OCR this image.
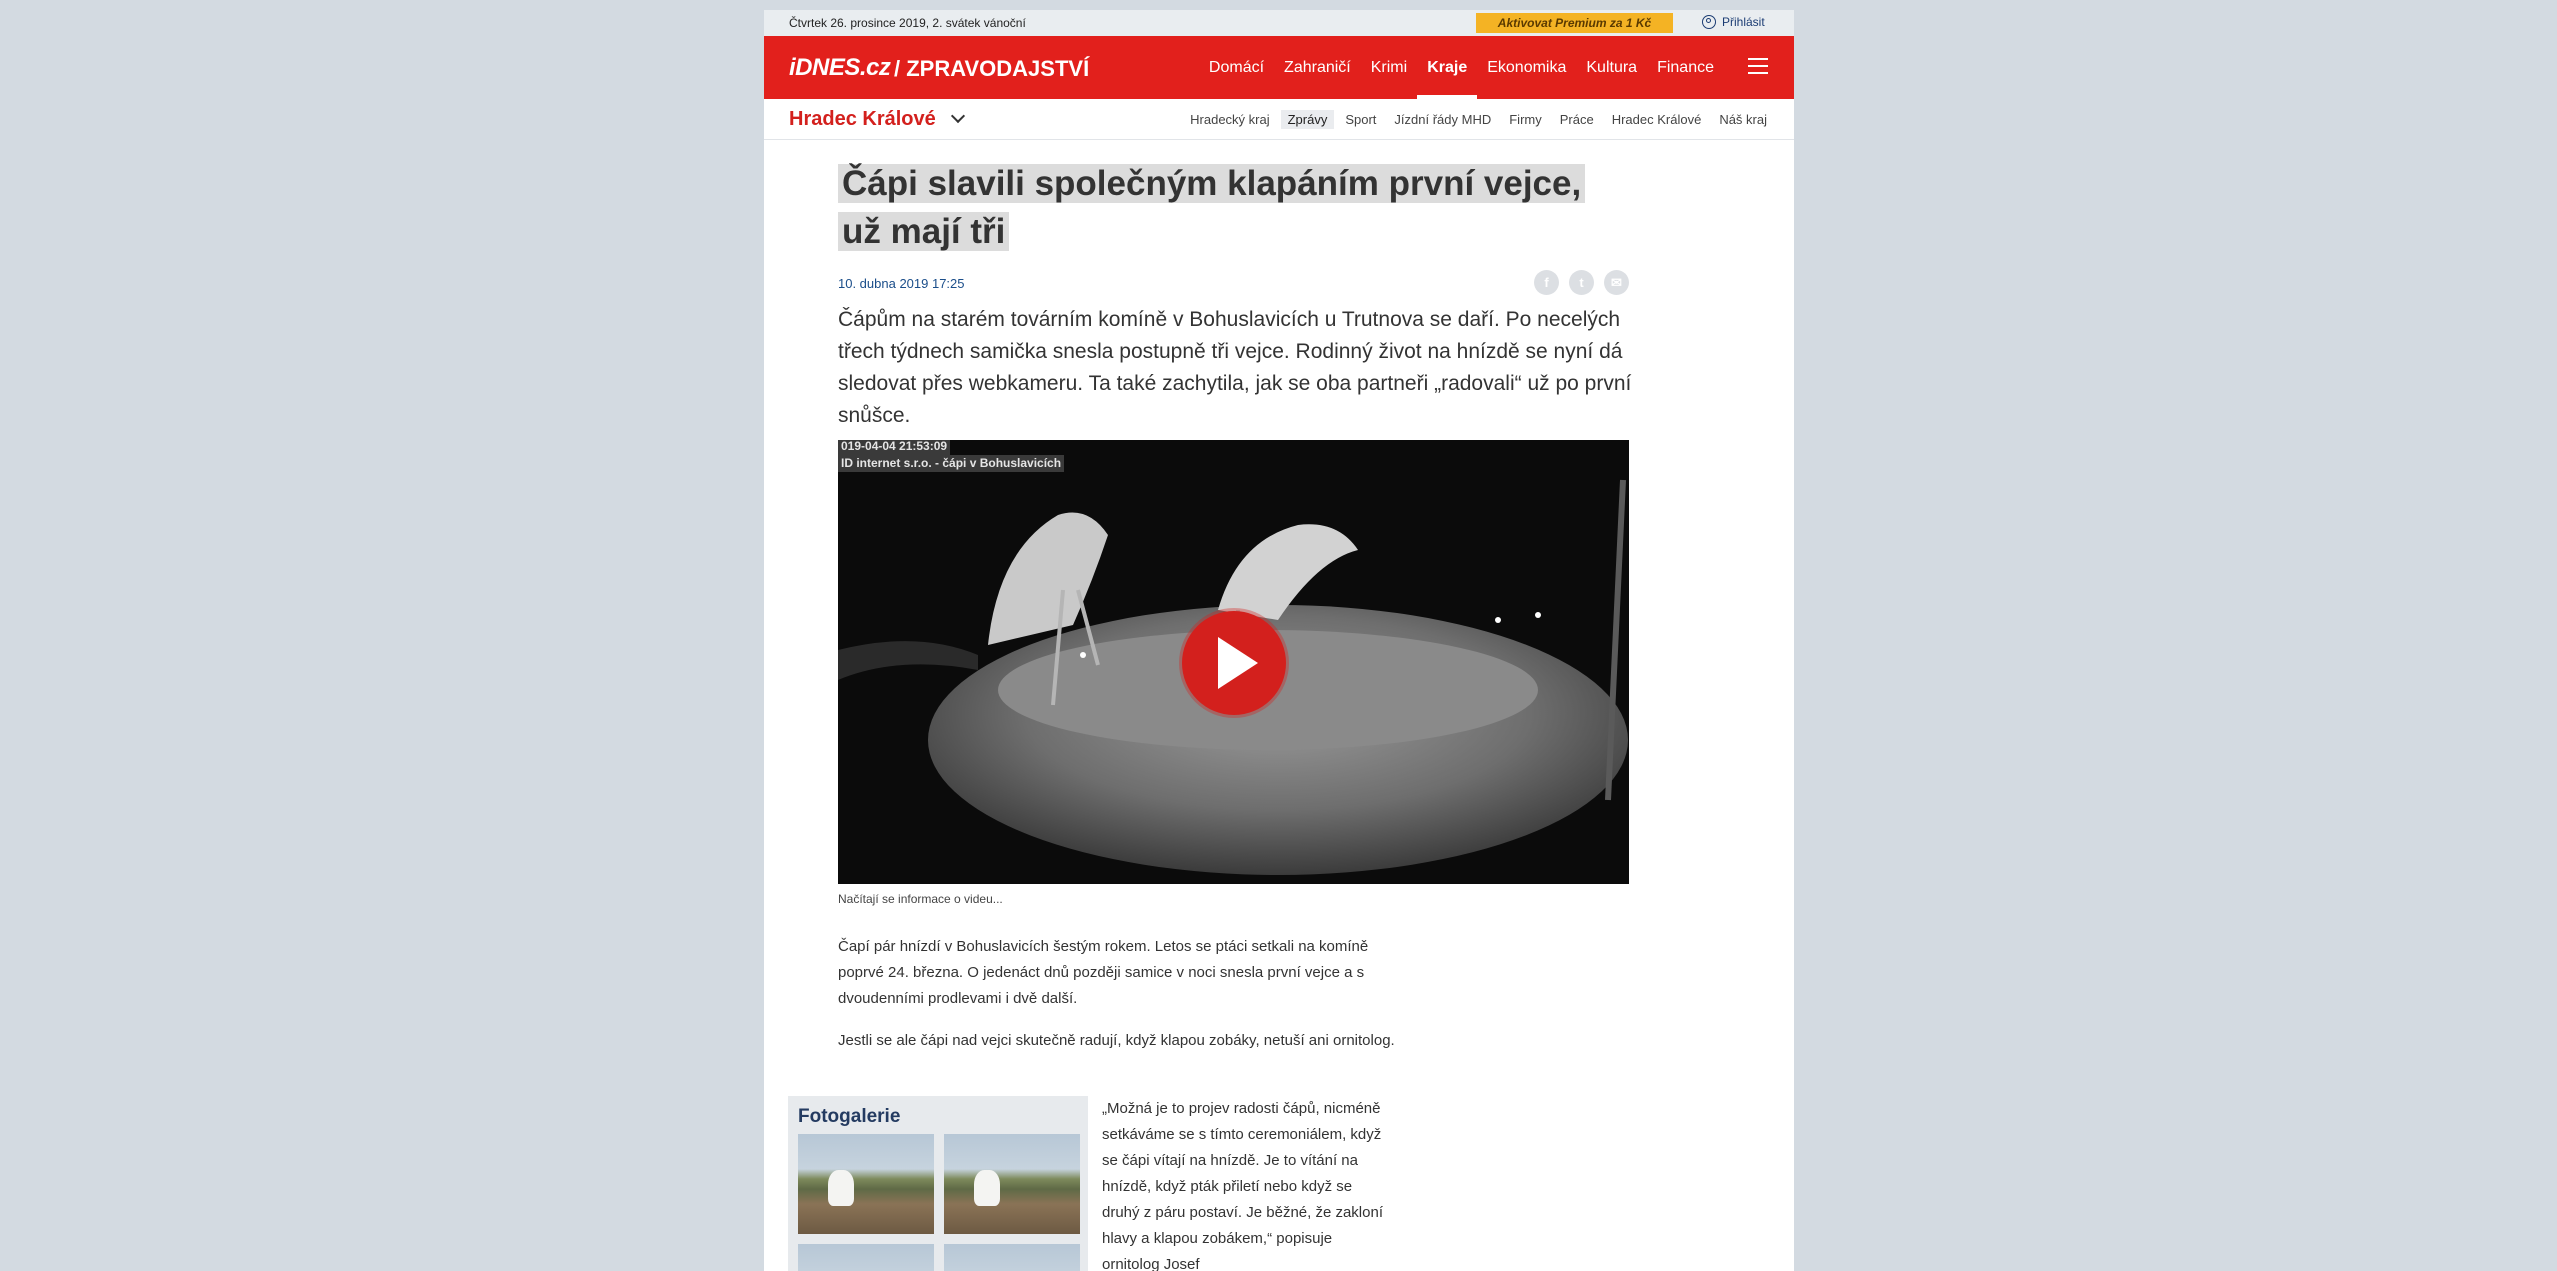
Čtvrtek 26. prosince 2019, 2. svátek vánoční	Aktivovat Premium za 1 Kč	Přihlásit
iDNES.cz / ZPRAVODAJSTVÍ	Domácí	Zahraničí	Krimi	Kraje	Ekonomika	Kultura	Finance
Hradec Králové	Hradecký kraj	Zprávy	Sport	Jízdní řády MHD	Firmy	Práce	Hradec Králové	Náš kraj
Čápi slavili společným klapáním první vejce, už mají tři
10. dubna 2019 17:25	f	t	✉

Čápům na starém továrním komíně v Bohuslavicích u Trutnova se daří. Po necelých třech týdnech samička snesla postupně tři vejce. Rodinný život na hnízdě se nyní dá sledovat přes webkameru. Ta také zachytila, jak se oba partneři „radovali“ už po první snůšce.

019-04-04 21:53:09
ID internet s.r.o. - čápi v Bohuslavicích
Načítají se informace o videu...

Čapí pár hnízdí v Bohuslavicích šestým rokem. Letos se ptáci setkali na komíně poprvé 24. března. O jedenáct dnů později samice v noci snesla první vejce a s dvoudenními prodlevami i dvě další.

Jestli se ale čápi nad vejci skutečně radují, když klapou zobáky, netuší ani ornitolog.

Fotogalerie	„Možná je to projev radosti čápů, nicméně setkáváme se s tímto ceremoniálem, když se čápi vítají na hnízdě. Je to vítání na hnízdě, když pták přiletí nebo když se druhý z páru postaví. Je běžné, že zakloní hlavy a klapou zobákem,“ popisuje ornitolog Josef
